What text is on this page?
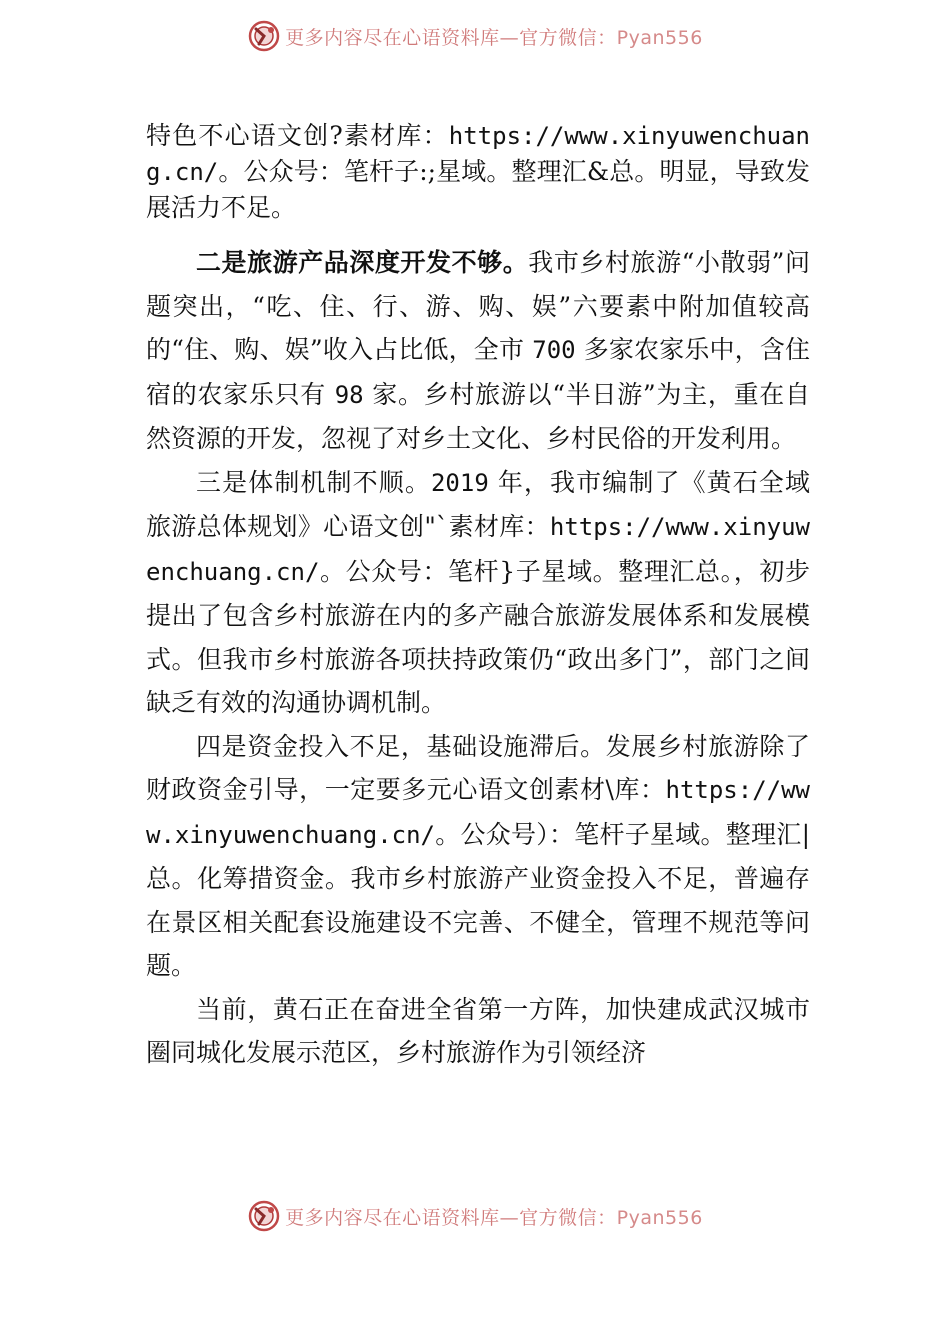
更多内容尽在心语资料库—官方微信：Pyan556

特色不心语文创?素材库：https://www.xinyuwenchuang.cn/。公众号：笔杆子:;星域。整理汇&总。明显，导致发展活力不足。

二是旅游产品深度开发不够。我市乡村旅游“小散弱”问题突出，“吃、住、行、游、购、娱”六要素中附加值较高的“住、购、娱”收入占比低，全市 700 多家农家乐中，含住宿的农家乐只有 98 家。乡村旅游以“半日游”为主，重在自然资源的开发，忽视了对乡土文化、乡村民俗的开发利用。

三是体制机制不顺。2019 年，我市编制了《黄石全域旅游总体规划》心语文创"`素材库：https://www.xinyuwenchuang.cn/。公众号：笔杆}子星域。整理汇总。，初步提出了包含乡村旅游在内的多产融合旅游发展体系和发展模式。但我市乡村旅游各项扶持政策仍“政出多门”，部门之间缺乏有效的沟通协调机制。

四是资金投入不足，基础设施滞后。发展乡村旅游除了财政资金引导，一定要多元心语文创素材\库：https://www.xinyuwenchuang.cn/。公众号）：笔杆子星域。整理汇|总。化筹措资金。我市乡村旅游产业资金投入不足，普遍存在景区相关配套设施建设不完善、不健全，管理不规范等问题。

当前，黄石正在奋进全省第一方阵，加快建成武汉城市圈同城化发展示范区，乡村旅游作为引领经济

更多内容尽在心语资料库—官方微信：Pyan556
